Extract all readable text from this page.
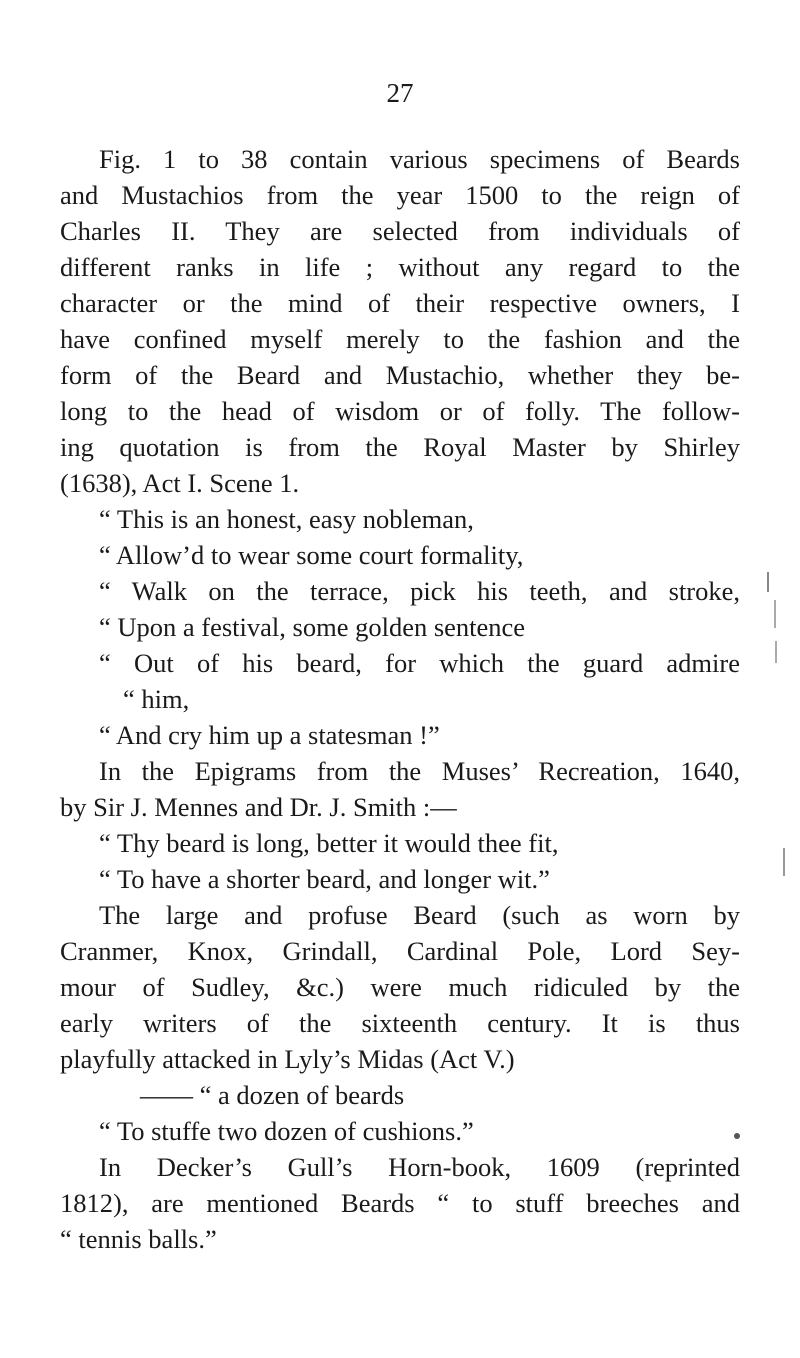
27
Fig. 1 to 38 contain various specimens of Beards
and Mustachios from the year 1500 to the reign of
Charles II. They are selected from individuals of
different ranks in life ; without any regard to the
character or the mind of their respective owners, I
have confined myself merely to the fashion and the
form of the Beard and Mustachio, whether they be-
long to the head of wisdom or of folly. The follow-
ing quotation is from the Royal Master by Shirley
(1638), Act I. Scene 1.
“ This is an honest, easy nobleman,
“ Allow’d to wear some court formality,
“ Walk on the terrace, pick his teeth, and stroke,
“ Upon a festival, some golden sentence
“ Out of his beard, for which the guard admire
“ him,
“ And cry him up a statesman !”
In the Epigrams from the Muses’ Recreation, 1640,
by Sir J. Mennes and Dr. J. Smith :—
“ Thy beard is long, better it would thee fit,
“ To have a shorter beard, and longer wit.”
The large and profuse Beard (such as worn by
Cranmer, Knox, Grindall, Cardinal Pole, Lord Sey-
mour of Sudley, &c.) were much ridiculed by the
early writers of the sixteenth century. It is thus
playfully attacked in Lyly’s Midas (Act V.)
—— “ a dozen of beards
“ To stuffe two dozen of cushions.”
In Decker’s Gull’s Horn-book, 1609 (reprinted
1812), are mentioned Beards “ to stuff breeches and
“ tennis balls.”
